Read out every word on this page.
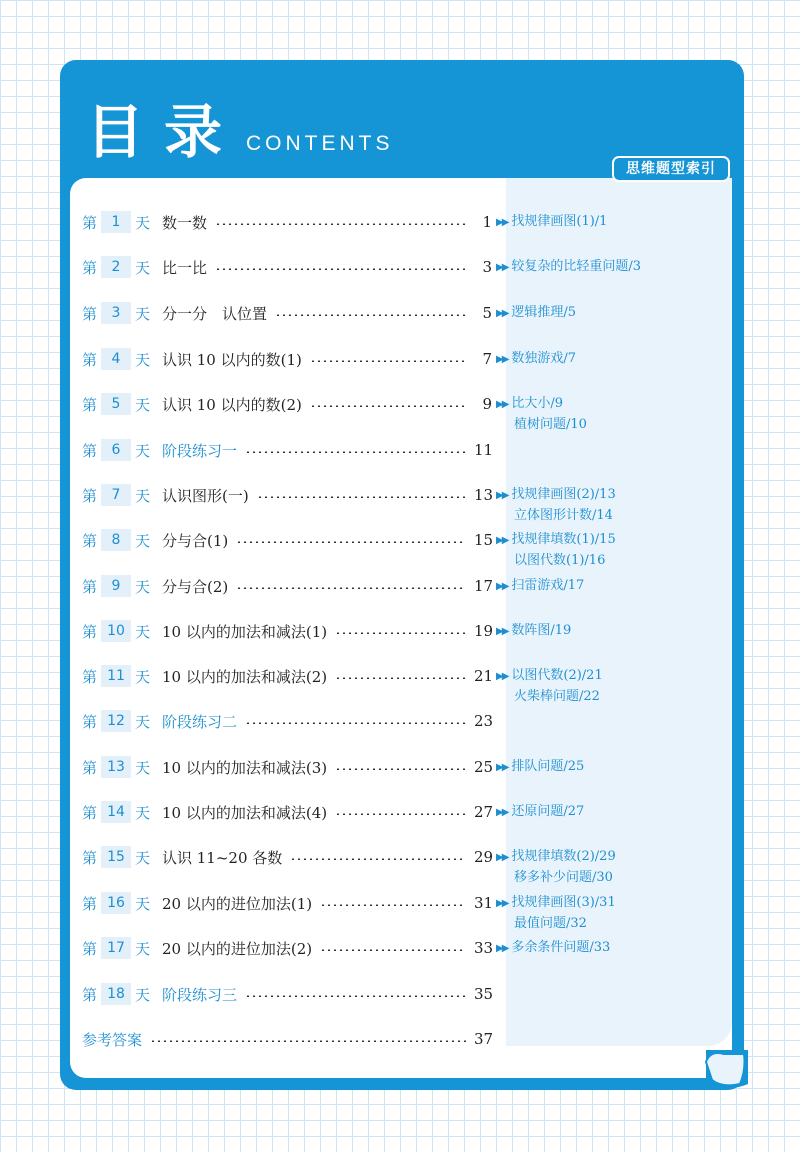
目录 CONTENTS
思维题型索引
第	1 天 数一数	1 ▶▶ 找规律画图(1)/1
第	2 天 比一比	3 ▶▶ 较复杂的比轻重问题/3
第	3 天 分一分　认位置	5 ▶▶ 逻辑推理/5
第	4 天 认识 10 以内的数(1)	7 ▶▶ 数独游戏/7
第	5 天 认识 10 以内的数(2)	9 ▶▶ 比大小/9
植树问题/10
第	6 天 阶段练习一	11
第	7 天 认识图形(一)	13 ▶▶ 找规律画图(2)/13
立体图形计数/14
第	8 天 分与合(1)	15 ▶▶ 找规律填数(1)/15
以图代数(1)/16
第	9 天 分与合(2)	17 ▶▶ 扫雷游戏/17
第 10 天 10 以内的加法和减法(1)	19 ▶▶ 数阵图/19
第 11 天 10 以内的加法和减法(2)	21 ▶▶ 以图代数(2)/21
火柴棒问题/22
第 12 天 阶段练习二	23
第 13 天 10 以内的加法和减法(3)	25 ▶▶ 排队问题/25
第 14 天 10 以内的加法和减法(4)	27 ▶▶ 还原问题/27
第 15 天 认识 11~20 各数	29 ▶▶ 找规律填数(2)/29
移多补少问题/30
第 16 天 20 以内的进位加法(1)	31 ▶▶ 找规律画图(3)/31
最值问题/32
第 17 天 20 以内的进位加法(2)	33 ▶▶ 多余条件问题/33
第 18 天 阶段练习三	35
参考答案	37
